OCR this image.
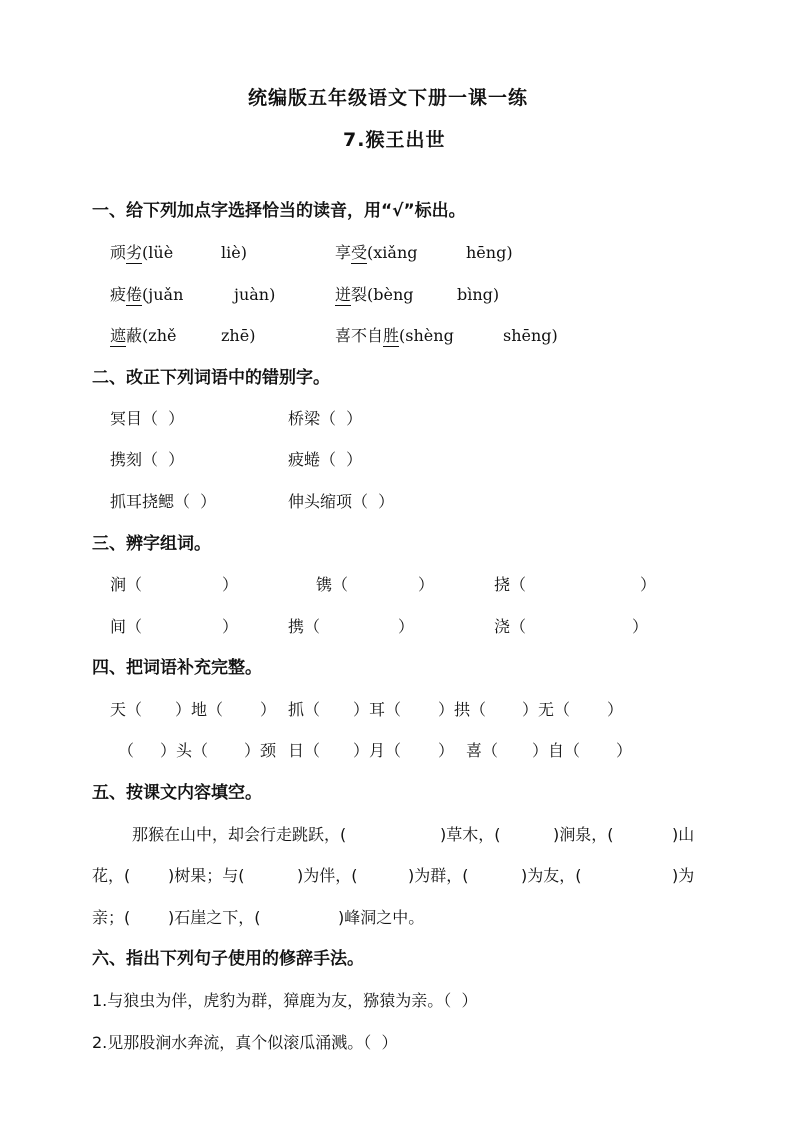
统编版五年级语文下册一课一练
7.猴王出世
一、给下列加点字选择恰当的读音，用“√”标出。
顽劣(lüè	liè)	享受(xiǎng	hēng)
疲倦(juǎn	juàn)	迸裂(bèng	bìng)
遮蔽(zhě	zhē)	喜不自胜(shèng	shēng)
二、改正下列词语中的错别字。
冥目（  ）	桥梁（  ）
携刻（  ）	疲蜷（  ）
抓耳挠鳃（  ）	伸头缩项（  ）
三、辨字组词。
涧（	）	镌（	）	挠（	）
间（	）	携（	）	浇（	）
四、把词语补充完整。
天（ ）地（ ） 抓（ ）耳（ ）拱（ ）无（ ）
（ ）头（ ）颈 日（ ）月（ ） 喜（ ）自（ ）
五、按课文内容填空。
那猴在山中，却会行走跳跃，(	)草木，(	)涧泉，(	)山
花，( )树果；与(	)为伴，(	)为群，(	)为友，(	)为
亲；( )石崖之下，(	)峰洞之中。
六、指出下列句子使用的修辞手法。
1.与狼虫为伴，虎豹为群，獐鹿为友，猕猿为亲。（  ）
2.见那股涧水奔流，真个似滚瓜涌溅。（  ）
